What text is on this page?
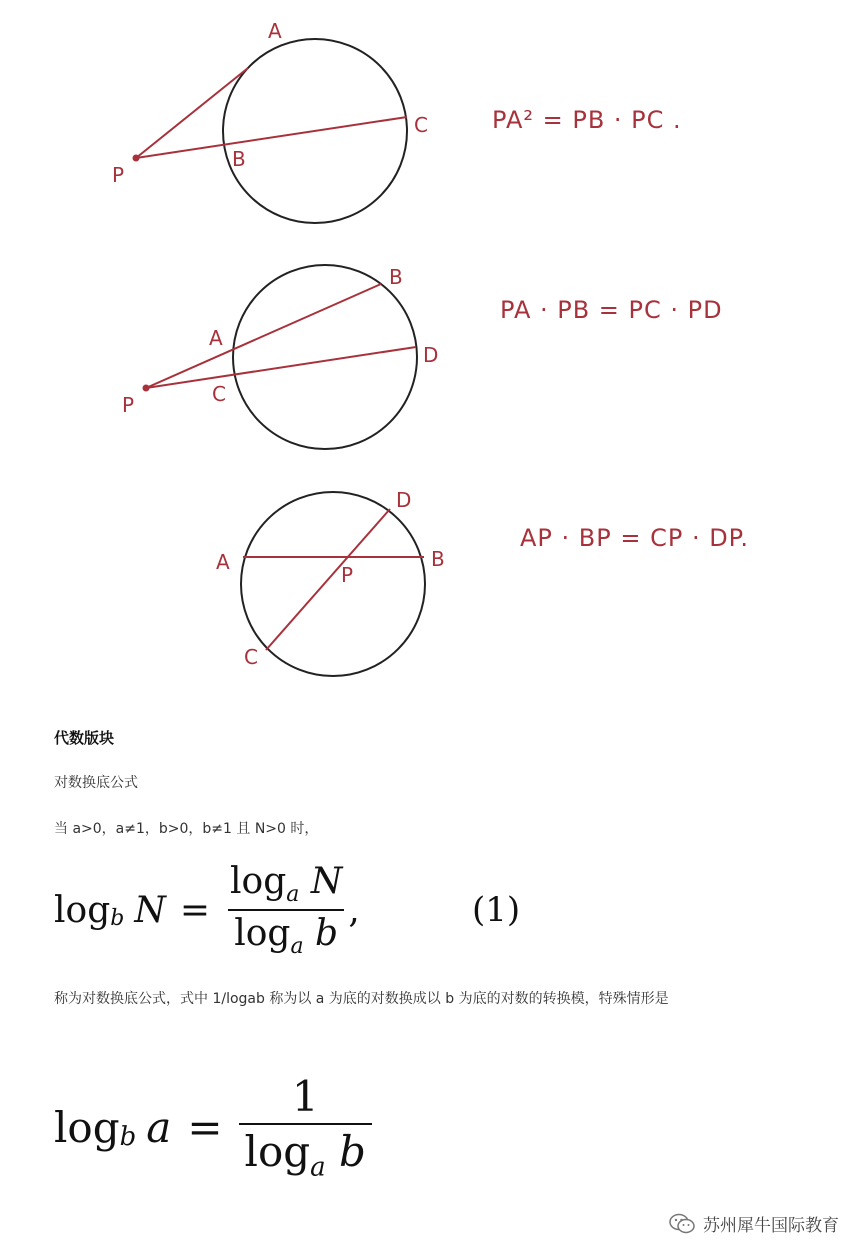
A
B
C
P
PA² = PB · PC .
A
B
C
D
P
PA · PB = PC · PD
A	B
C
D
P
AP · BP = CP · DP.
代数版块
对数换底公式
当 a>0，a≠1，b>0，b≠1 且 N>0 时，
$\log_b N = \frac{\log_a N}{\log_a b}$ ,	(1)
称为对数换底公式，式中 1/logab 称为以 a 为底的对数换成以 b 为底的对数的转换模，特殊情形是
$\log_b a = \frac{1}{\log_a b}$
苏州犀牛国际教育
